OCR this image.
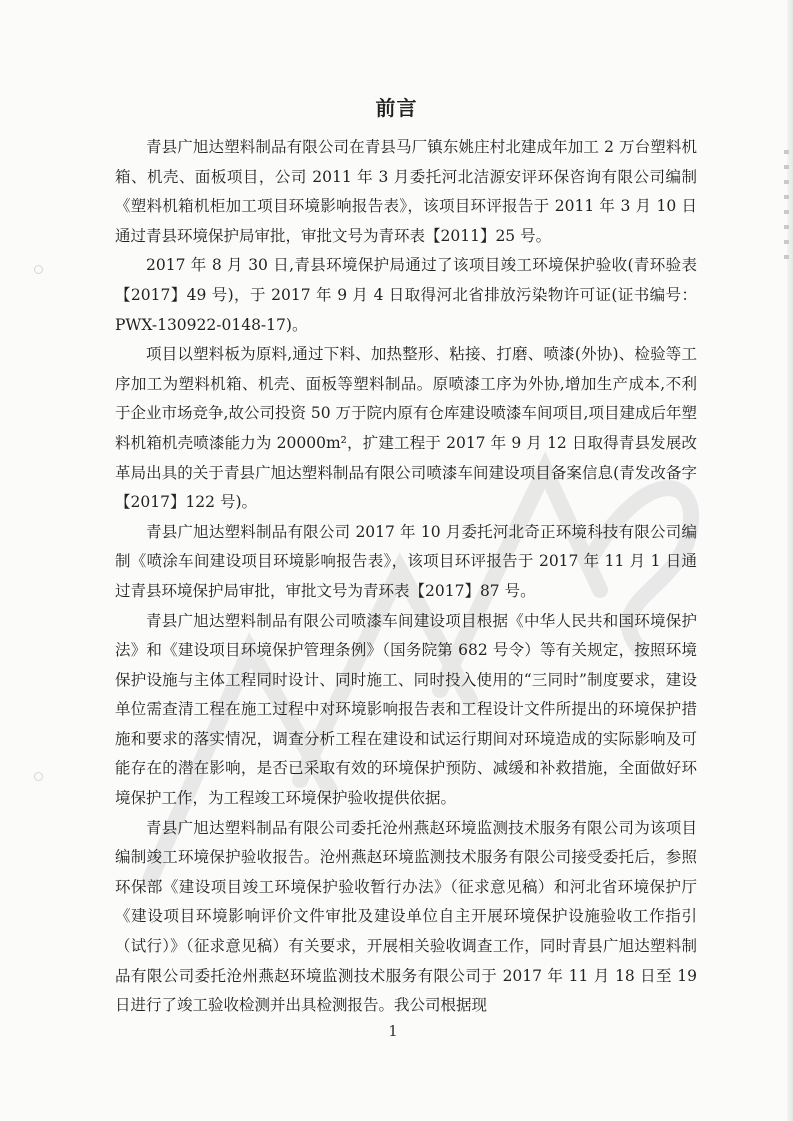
前言

青县广旭达塑料制品有限公司在青县马厂镇东姚庄村北建成年加工 2 万台塑料机箱、机壳、面板项目，公司 2011 年 3 月委托河北洁源安评环保咨询有限公司编制《塑料机箱机柜加工项目环境影响报告表》，该项目环评报告于 2011 年 3 月 10 日通过青县环境保护局审批，审批文号为青环表【2011】25 号。

2017 年 8 月 30 日,青县环境保护局通过了该项目竣工环境保护验收(青环验表【2017】49 号)，于 2017 年 9 月 4 日取得河北省排放污染物许可证(证书编号：PWX-130922-0148-17)。

项目以塑料板为原料,通过下料、加热整形、粘接、打磨、喷漆(外协)、检验等工序加工为塑料机箱、机壳、面板等塑料制品。原喷漆工序为外协,增加生产成本,不利于企业市场竞争,故公司投资 50 万于院内原有仓库建设喷漆车间项目,项目建成后年塑料机箱机壳喷漆能力为 20000m²，扩建工程于 2017 年 9 月 12 日取得青县发展改革局出具的关于青县广旭达塑料制品有限公司喷漆车间建设项目备案信息(青发改备字【2017】122 号)。

青县广旭达塑料制品有限公司 2017 年 10 月委托河北奇正环境科技有限公司编制《喷涂车间建设项目环境影响报告表》，该项目环评报告于 2017 年 11 月 1 日通过青县环境保护局审批，审批文号为青环表【2017】87 号。

青县广旭达塑料制品有限公司喷漆车间建设项目根据《中华人民共和国环境保护法》和《建设项目环境保护管理条例》（国务院第 682 号令）等有关规定，按照环境保护设施与主体工程同时设计、同时施工、同时投入使用的“三同时”制度要求，建设单位需查清工程在施工过程中对环境影响报告表和工程设计文件所提出的环境保护措施和要求的落实情况，调查分析工程在建设和试运行期间对环境造成的实际影响及可能存在的潜在影响，是否已采取有效的环境保护预防、减缓和补救措施，全面做好环境保护工作，为工程竣工环境保护验收提供依据。

青县广旭达塑料制品有限公司委托沧州燕赵环境监测技术服务有限公司为该项目编制竣工环境保护验收报告。沧州燕赵环境监测技术服务有限公司接受委托后，参照环保部《建设项目竣工环境保护验收暂行办法》（征求意见稿）和河北省环境保护厅《建设项目环境影响评价文件审批及建设单位自主开展环境保护设施验收工作指引（试行）》（征求意见稿）有关要求，开展相关验收调查工作，同时青县广旭达塑料制品有限公司委托沧州燕赵环境监测技术服务有限公司于 2017 年 11 月 18 日至 19 日进行了竣工验收检测并出具检测报告。我公司根据现

1
